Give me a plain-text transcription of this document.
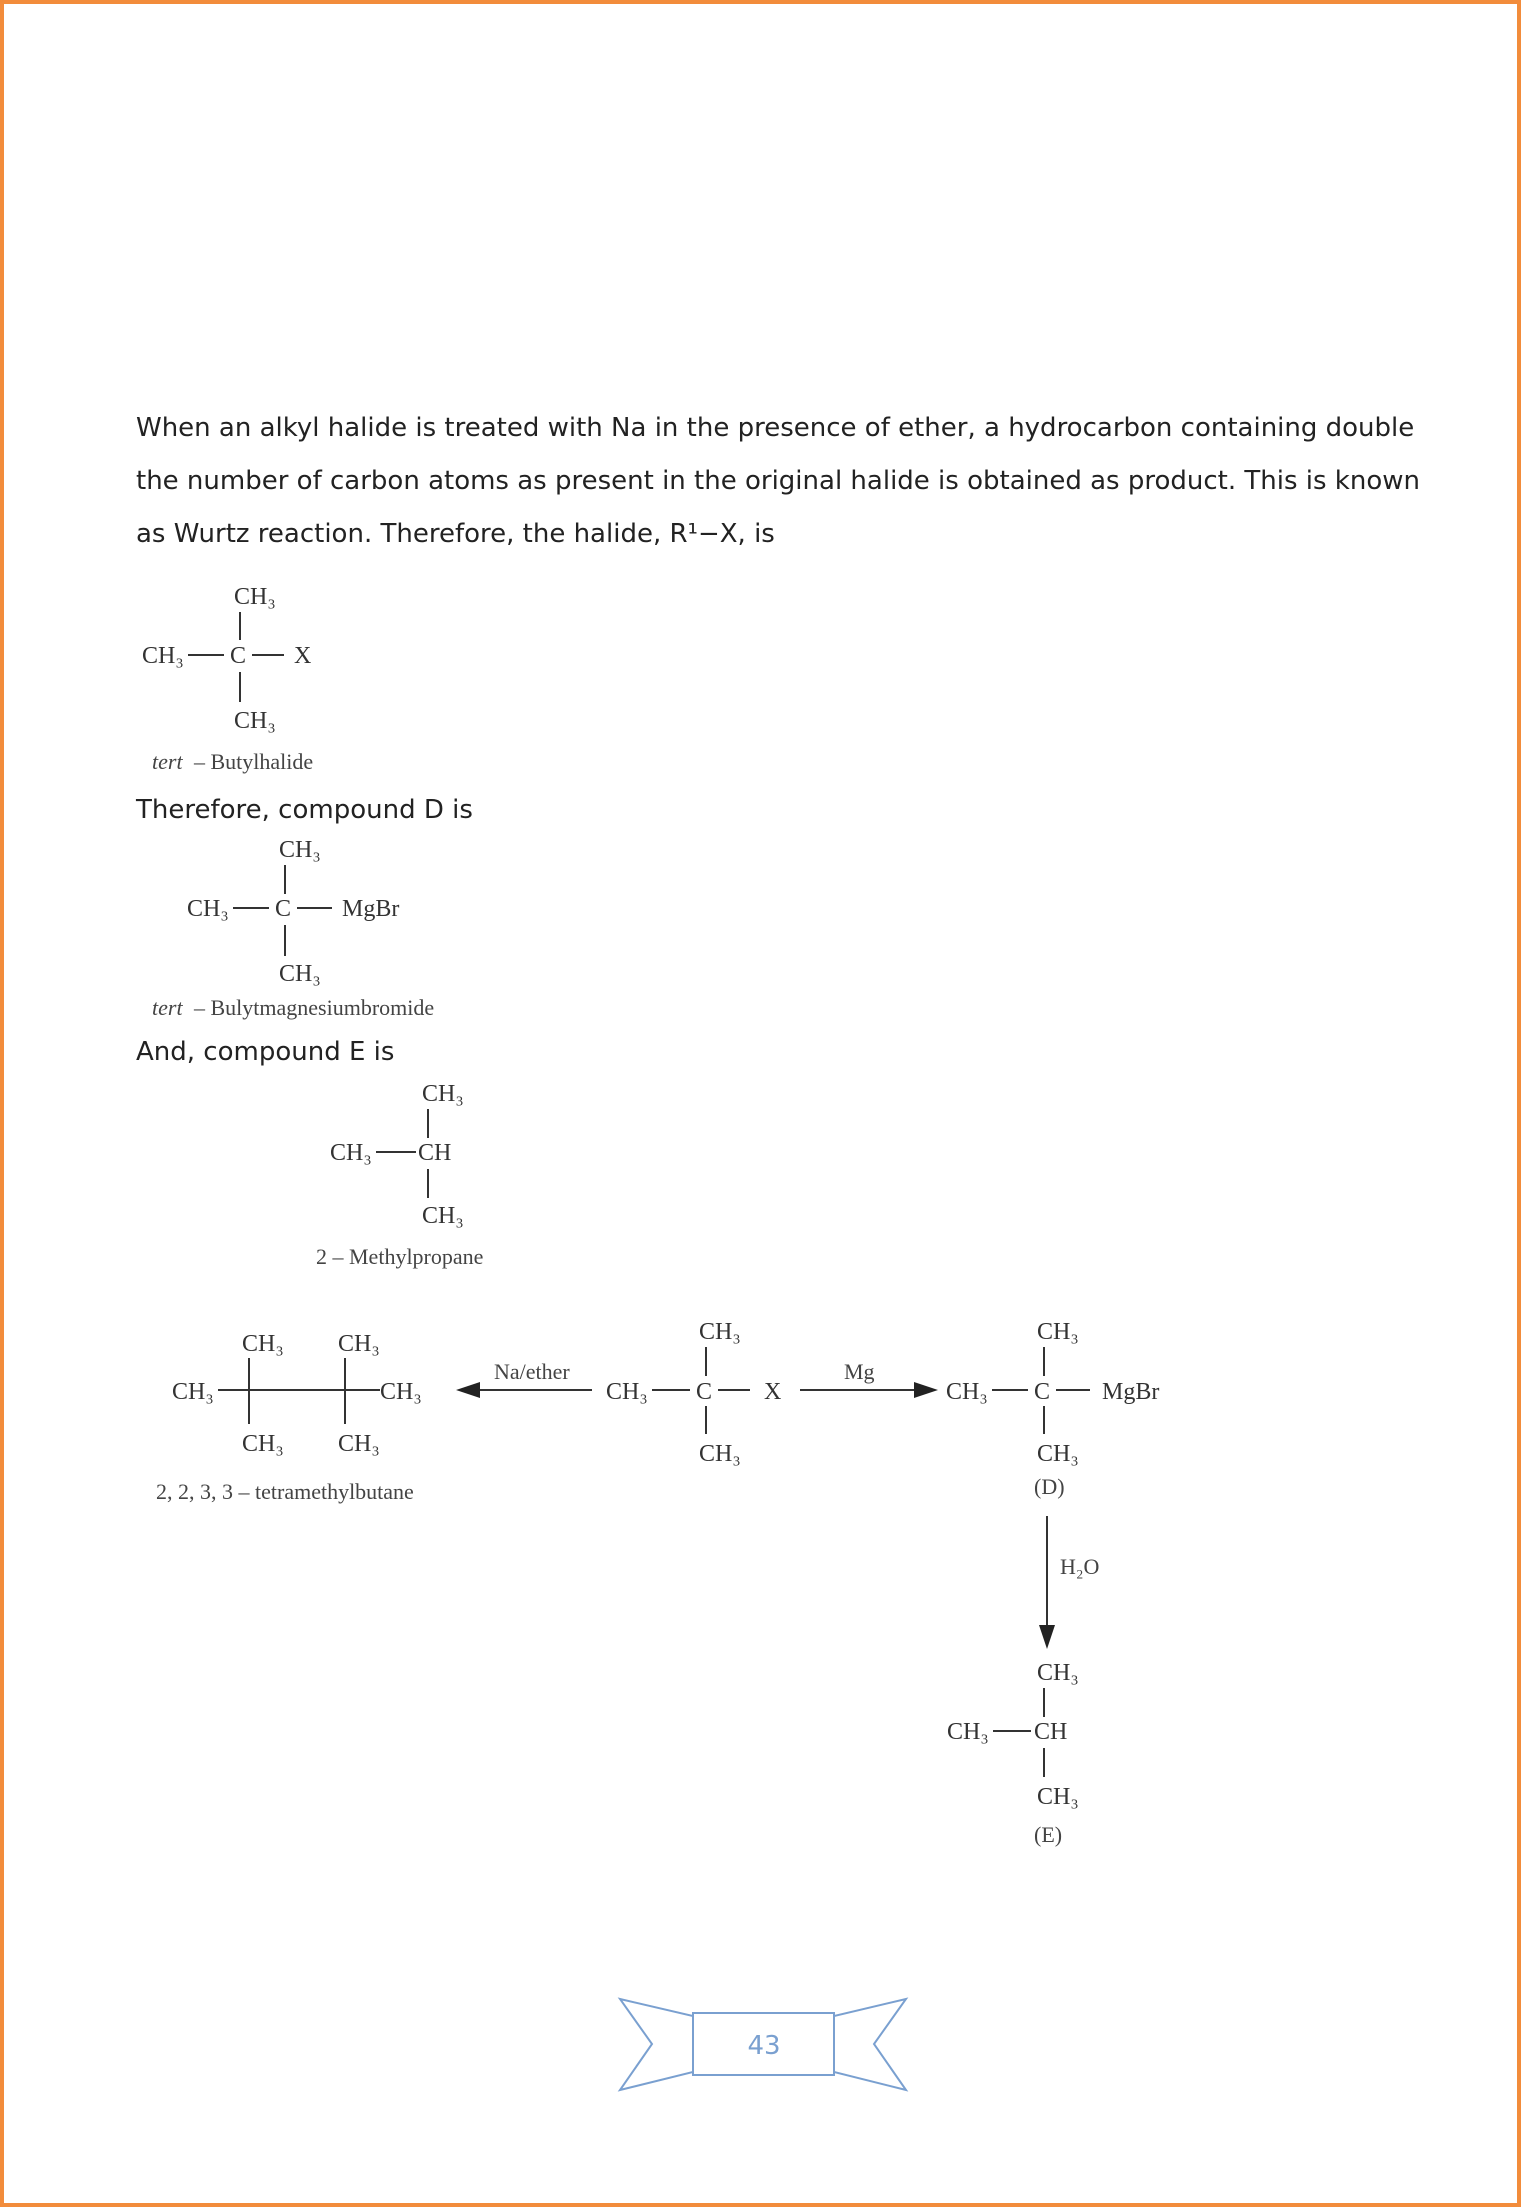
When an alkyl halide is treated with Na in the presence of ether, a hydrocarbon containing double the number of carbon atoms as present in the original halide is obtained as product. This is known as Wurtz reaction. Therefore, the halide, R¹−X, is
Therefore, compound D is
And, compound E is
CH₃
CH₃ C X
CH₃
tert – Butylhalide
CH₃
CH₃ C MgBr
CH₃
tert – Bulytmagnesiumbromide
CH₃
CH₃ CH
CH₃
2 – Methylpropane
CH₃ CH₃
CH₃	CH₃
CH₃ CH₃
2, 2, 3, 3 – tetramethylbutane
Na/ether
CH₃
CH₃ C X
CH₃
Mg
CH₃
CH₃ C MgBr
CH₃
(D)
H₂O
CH₃
CH₃ CH
CH₃
(E)
43
